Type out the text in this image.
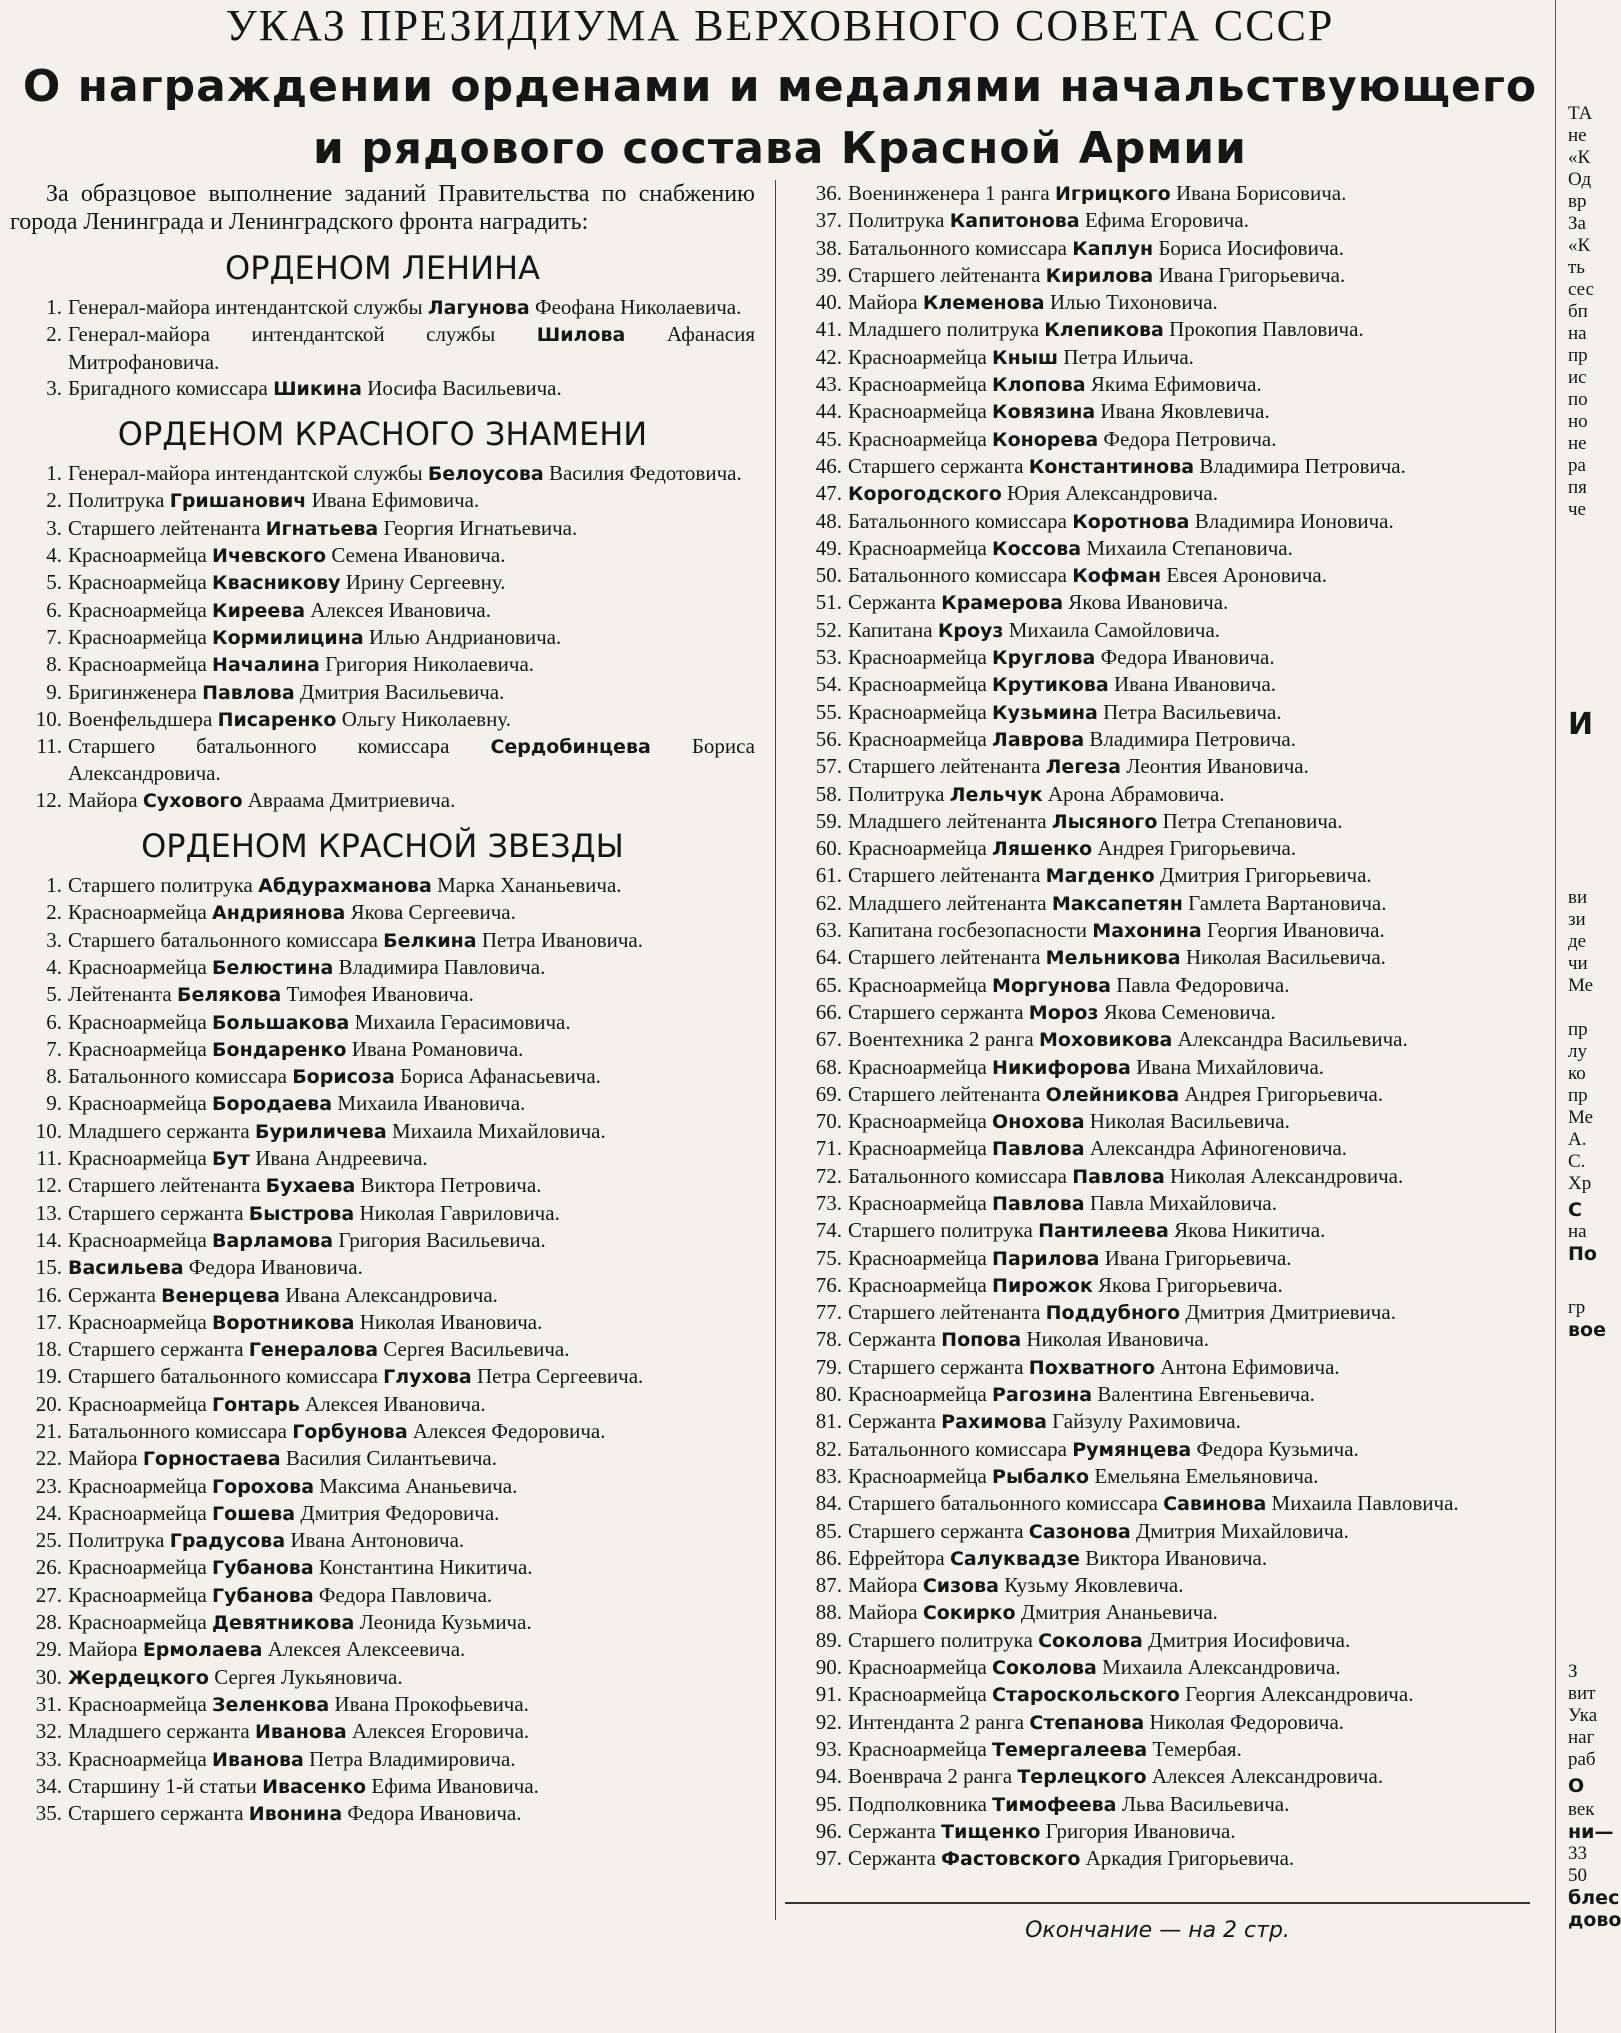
УКАЗ ПРЕЗИДИУМА ВЕРХОВНОГО СОВЕТА СССР
О награждении орденами и медалями начальствующего
и рядового состава Красной Армии

За образцовое выполнение заданий Правительства по снабжению города Ленинграда и Ленинградского фронта наградить:

ОРДЕНОМ ЛЕНИНА
1. Генерал-майора интендантской службы Лагунова Феофана Николаевича.
2. Генерал-майора интендантской службы Шилова Афанасия Митрофановича.
3. Бригадного комиссара Шикина Иосифа Васильевича.
ОРДЕНОМ КРАСНОГО ЗНАМЕНИ
1. Генерал-майора интендантской службы Белоусова Василия Федотовича.
2. Политрука Гришанович Ивана Ефимовича.
3. Старшего лейтенанта Игнатьева Георгия Игнатьевича.
4. Красноармейца Ичевского Семена Ивановича.
5. Красноармейца Квасникову Ирину Сергеевну.
6. Красноармейца Киреева Алексея Ивановича.
7. Красноармейца Кормилицина Илью Андриановича.
8. Красноармейца Началина Григория Николаевича.
9. Бригинженера Павлова Дмитрия Васильевича.
10. Военфельдшера Писаренко Ольгу Николаевну.
11. Старшего батальонного комиссара Сердобинцева Бориса Александровича.
12. Майора Сухового Авраама Дмитриевича.
ОРДЕНОМ КРАСНОЙ ЗВЕЗДЫ
1. Старшего политрука Абдурахманова Марка Хананьевича.
2. Красноармейца Андриянова Якова Сергеевича.
3. Старшего батальонного комиссара Белкина Петра Ивановича.
4. Красноармейца Белюстина Владимира Павловича.
5. Лейтенанта Белякова Тимофея Ивановича.
6. Красноармейца Большакова Михаила Герасимовича.
7. Красноармейца Бондаренко Ивана Романовича.
8. Батальонного комиссара Борисоза Бориса Афанасьевича.
9. Красноармейца Бородаева Михаила Ивановича.
10. Младшего сержанта Буриличева Михаила Михайловича.
11. Красноармейца Бут Ивана Андреевича.
12. Старшего лейтенанта Бухаева Виктора Петровича.
13. Старшего сержанта Быстрова Николая Гавриловича.
14. Красноармейца Варламова Григория Васильевича.
15. Васильева Федора Ивановича.
16. Сержанта Венерцева Ивана Александровича.
17. Красноармейца Воротникова Николая Ивановича.
18. Старшего сержанта Генералова Сергея Васильевича.
19. Старшего батальонного комиссара Глухова Петра Сергеевича.
20. Красноармейца Гонтарь Алексея Ивановича.
21. Батальонного комиссара Горбунова Алексея Федоровича.
22. Майора Горностаева Василия Силантьевича.
23. Красноармейца Горохова Максима Ананьевича.
24. Красноармейца Гошева Дмитрия Федоровича.
25. Политрука Градусова Ивана Антоновича.
26. Красноармейца Губанова Константина Никитича.
27. Красноармейца Губанова Федора Павловича.
28. Красноармейца Девятникова Леонида Кузьмича.
29. Майора Ермолаева Алексея Алексеевича.
30. Жердецкого Сергея Лукьяновича.
31. Красноармейца Зеленкова Ивана Прокофьевича.
32. Младшего сержанта Иванова Алексея Егоровича.
33. Красноармейца Иванова Петра Владимировича.
34. Старшину 1-й статьи Ивасенко Ефима Ивановича.
35. Старшего сержанта Ивонина Федора Ивановича.
36. Военинженера 1 ранга Игрицкого Ивана Борисовича.
37. Политрука Капитонова Ефима Егоровича.
38. Батальонного комиссара Каплун Бориса Иосифовича.
39. Старшего лейтенанта Кирилова Ивана Григорьевича.
40. Майора Клеменова Илью Тихоновича.
41. Младшего политрука Клепикова Прокопия Павловича.
42. Красноармейца Кныш Петра Ильича.
43. Красноармейца Клопова Якима Ефимовича.
44. Красноармейца Ковязина Ивана Яковлевича.
45. Красноармейца Конорева Федора Петровича.
46. Старшего сержанта Константинова Владимира Петровича.
47. Корогодского Юрия Александровича.
48. Батальонного комиссара Коротнова Владимира Ионовича.
49. Красноармейца Коссова Михаила Степановича.
50. Батальонного комиссара Кофман Евсея Ароновича.
51. Сержанта Крамерова Якова Ивановича.
52. Капитана Кроуз Михаила Самойловича.
53. Красноармейца Круглова Федора Ивановича.
54. Красноармейца Крутикова Ивана Ивановича.
55. Красноармейца Кузьмина Петра Васильевича.
56. Красноармейца Лаврова Владимира Петровича.
57. Старшего лейтенанта Легеза Леонтия Ивановича.
58. Политрука Лельчук Арона Абрамовича.
59. Младшего лейтенанта Лысяного Петра Степановича.
60. Красноармейца Ляшенко Андрея Григорьевича.
61. Старшего лейтенанта Магденко Дмитрия Григорьевича.
62. Младшего лейтенанта Максапетян Гамлета Вартановича.
63. Капитана госбезопасности Махонина Георгия Ивановича.
64. Старшего лейтенанта Мельникова Николая Васильевича.
65. Красноармейца Моргунова Павла Федоровича.
66. Старшего сержанта Мороз Якова Семеновича.
67. Воентехника 2 ранга Моховикова Александра Васильевича.
68. Красноармейца Никифорова Ивана Михайловича.
69. Старшего лейтенанта Олейникова Андрея Григорьевича.
70. Красноармейца Онохова Николая Васильевича.
71. Красноармейца Павлова Александра Афиногеновича.
72. Батальонного комиссара Павлова Николая Александровича.
73. Красноармейца Павлова Павла Михайловича.
74. Старшего политрука Пантилеева Якова Никитича.
75. Красноармейца Парилова Ивана Григорьевича.
76. Красноармейца Пирожок Якова Григорьевича.
77. Старшего лейтенанта Поддубного Дмитрия Дмитриевича.
78. Сержанта Попова Николая Ивановича.
79. Старшего сержанта Похватного Антона Ефимовича.
80. Красноармейца Рагозина Валентина Евгеньевича.
81. Сержанта Рахимова Гайзулу Рахимовича.
82. Батальонного комиссара Румянцева Федора Кузьмича.
83. Красноармейца Рыбалко Емельяна Емельяновича.
84. Старшего батальонного комиссара Савинова Михаила Павловича.
85. Старшего сержанта Сазонова Дмитрия Михайловича.
86. Ефрейтора Салуквадзе Виктора Ивановича.
87. Майора Сизова Кузьму Яковлевича.
88. Майора Сокирко Дмитрия Ананьевича.
89. Старшего политрука Соколова Дмитрия Иосифовича.
90. Красноармейца Соколова Михаила Александровича.
91. Красноармейца Староскольского Георгия Александровича.
92. Интенданта 2 ранга Степанова Николая Федоровича.
93. Красноармейца Темергалеева Темербая.
94. Военврача 2 ранга Терлецкого Алексея Александровича.
95. Подполковника Тимофеева Льва Васильевича.
96. Сержанта Тищенко Григория Ивановича.
97. Сержанта Фастовского Аркадия Григорьевича.
Окончание — на 2 стр.
ТА
не
«К
Од
вр
За
«К
ть
сес
бп
на
пр
ис
по
но
не
ра
пя
че
И
ви
зи
де
чи
Ме
пр
лу
ко
пр
Ме
А.
С.
Хр
С
на
По
гр
вое
З
вит
Ука
наг
раб
О
век
ни—
33
50
блес
дово
